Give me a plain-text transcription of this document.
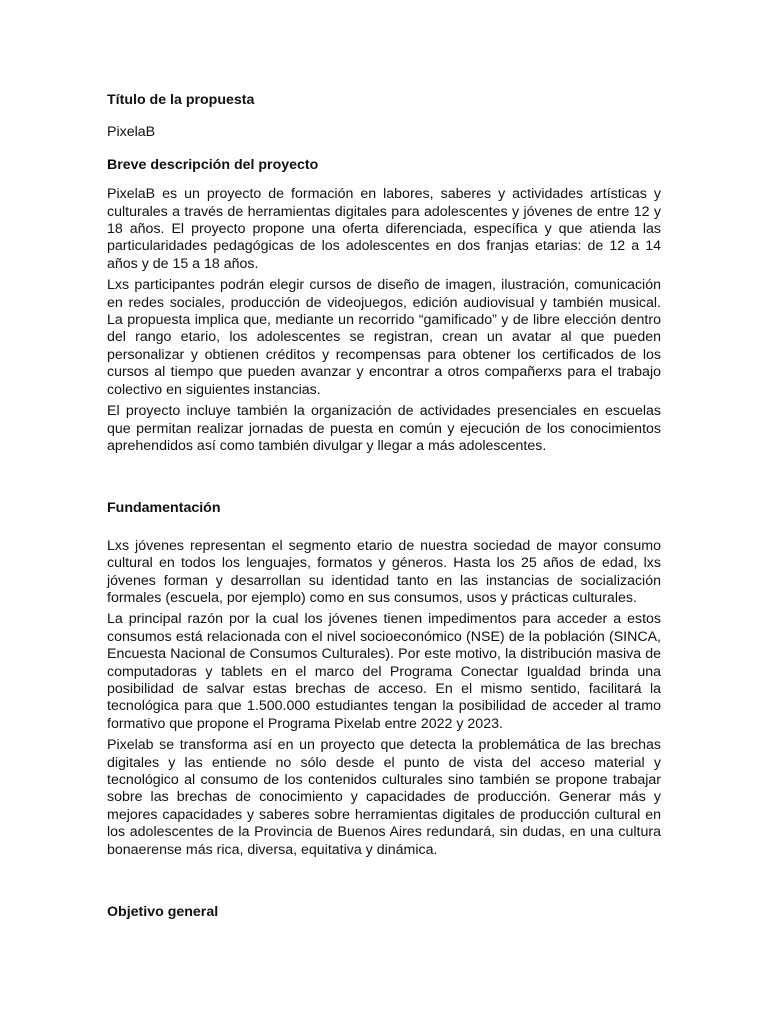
Título de la propuesta

PixelaB

Breve descripción del proyecto

PixelaB es un proyecto de formación en labores, saberes y actividades artísticas y culturales a través de herramientas digitales para adolescentes y jóvenes de entre 12 y 18 años. El proyecto propone una oferta diferenciada, específica y que atienda las particularidades pedagógicas de los adolescentes en dos franjas etarias: de 12 a 14 años y de 15 a 18 años.

Lxs participantes podrán elegir cursos de diseño de imagen, ilustración, comunicación en redes sociales, producción de videojuegos, edición audiovisual y también musical. La propuesta implica que, mediante un recorrido “gamificado” y de libre elección dentro del rango etario, los adolescentes se registran, crean un avatar al que pueden personalizar y obtienen créditos y recompensas para obtener los certificados de los cursos al tiempo que pueden avanzar y encontrar a otros compañerxs para el trabajo colectivo en siguientes instancias.

El proyecto incluye también la organización de actividades presenciales en escuelas que permitan realizar jornadas de puesta en común y ejecución de los conocimientos aprehendidos así como también divulgar y llegar a más adolescentes.

Fundamentación

Lxs jóvenes representan el segmento etario de nuestra sociedad de mayor consumo cultural en todos los lenguajes, formatos y géneros. Hasta los 25 años de edad, lxs jóvenes forman y desarrollan su identidad tanto en las instancias de socialización formales (escuela, por ejemplo) como en sus consumos, usos y prácticas culturales.

La principal razón por la cual los jóvenes tienen impedimentos para acceder a estos consumos está relacionada con el nivel socioeconómico (NSE) de la población (SINCA, Encuesta Nacional de Consumos Culturales). Por este motivo, la distribución masiva de computadoras y tablets en el marco del Programa Conectar Igualdad brinda una posibilidad de salvar estas brechas de acceso. En el mismo sentido, facilitará la tecnológica para que 1.500.000 estudiantes tengan la posibilidad de acceder al tramo formativo que propone el Programa Pixelab entre 2022 y 2023.

Pixelab se transforma así en un proyecto que detecta la problemática de las brechas digitales y las entiende no sólo desde el punto de vista del acceso material y tecnológico al consumo de los contenidos culturales sino también se propone trabajar sobre las brechas de conocimiento y capacidades de producción. Generar más y mejores capacidades y saberes sobre herramientas digitales de producción cultural en los adolescentes de la Provincia de Buenos Aires redundará, sin dudas, en una cultura bonaerense más rica, diversa, equitativa y dinámica.

Objetivo general
